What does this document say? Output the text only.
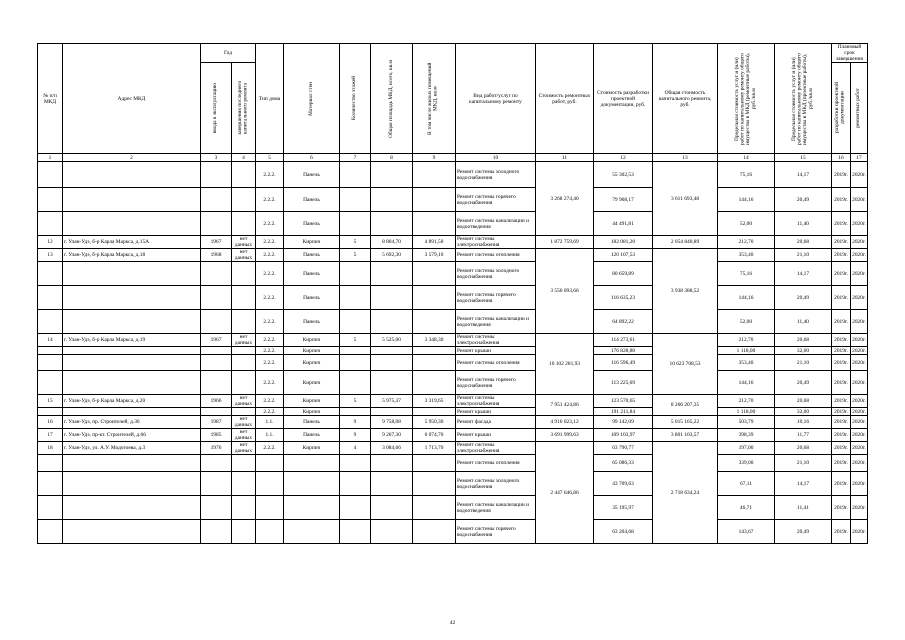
№ п/п МКД	Адрес МКД	Год		Тип дома	Материал стен	Количество этажей	Общая площадь МКД, всего, кв.м	В том числе жилых помещений МКД, кв.м	Вид работ/услуг по капитальному ремонту	Стоимость ремонтных работ, руб.	Стоимость разработки проектной документации, руб.	Общая стоимость капитального ремонта, руб.	Предельная стоимость услуг и (или) работ по капитальному ремонту общего имущества в МКД (ремонтные работы), руб./кв.м	Предельная стоимость услуг и (или) работ по капитальному ремонту общего имущества в МКД (проектные работы), руб./кв.м	Плановый срок завершения	

		ввода в эксплуатацию	завершения последнего капитального ремонта												разработки проектной документации	ремонтных работ

1	2	3	4	5	6	7	8	9	10	11	12	13	14	15	16	17
				2.2.2.	Панель				Ремонт системы холодного водоснабжения	3 268 274,40	55 302,53	3 611 693,48	75,16	14,17	2019г.	2020г.
				2.2.2.	Панель				Ремонт системы горячего водоснабжения		79 968,17		144,16	20,49	2019г.	2020г.
				2.2.2.	Панель				Ремонт системы канализации и водоотведения		44 491,81		52,00	11,40	2019г.	2020г.
12	г. Улан-Удэ, б-р Карла Маркса, д.15А	1967	нет данных	2.2.2.	Кирпич	5	8 804,70	4 891,50	Ремонт системы электроснабжения	1 872 759,69	182 081,20	2 054 840,89	212,70	20,68	2019г.	2020г.
13	г. Улан-Удэ, б-р Карла Маркса, д.18	1968	нет данных	2.2.2.	Панель	5	5 692,30	3 579,10	Ремонт системы отопления	3 556 093,66	120 107,53	3 938 388,52	353,40	21,10	2019г.	2020г.
				2.2.2.	Панель				Ремонт системы холодного водоснабжения		80 659,89		75,16	14,17	2019г.	2020г.
				2.2.2.	Панель				Ремонт системы горячего водоснабжения		116 635,23		144,16	20,49	2019г.	2020г.
				2.2.2.	Панель				Ремонт системы канализации и водоотведения		64 892,22		52,00	11,40	2019г.	2020г.
14	г. Улан-Удэ, б-р Карла Маркса, д.19	1967	нет данных	2.2.2.	Кирпич	5	5 525,00	3 348,30	Ремонт системы электроснабжения	10 102 281,93	114 273,61	10 623 708,53	212,70	20,68	2019г.	2020г.
				2.2.2.	Кирпич				Ремонт крыши		176 828,80		1 118,00	32,00	2019г.	2020г.
				2.2.2.	Кирпич				Ремонт системы отопления		116 596,49		353,40	21,10	2019г.	2020г.
				2.2.2.	Кирпич				Ремонт системы горячего водоснабжения		113 225,69		144,16	20,49	2019г.	2020г.
15	г. Улан-Удэ, б-р Карла Маркса, д.20	1966	нет данных	2.2.2.	Кирпич	5	5 975,37	3 319,65	Ремонт системы электроснабжения	7 951 424,86	123 570,65	8 266 207,35	212,70	20,68	2019г.	2020г.
				2.2.2.	Кирпич				Ремонт крыши		191 211,84		1 118,00	32,00	2019г.	2020г.
16	г. Улан-Удэ, пр. Строителей, д.36	1987	нет данных	1.1.	Панель	9	9 758,08	5 950,30	Ремонт фасада	4 916 023,12	99 142,09	5 015 165,22	503,79	10,16	2019г.	2020г.
17	г. Улан-Удэ, пр-кт. Строителей, д.66	1985	нет данных	1.1.	Панель	9	9 267,30	6 074,70	Ремонт крыши	3 691 999,63	109 103,97	3 801 103,57	398,39	11,77	2019г.	2020г.
18	г. Улан-Удэ, ул. А.У. Модогоева, д.3	1976	нет данных	2.2.2.	Кирпич	4	3 084,66	1 713,70	Ремонт системы электроснабжения	2 447 646,86	63 790,77	2 718 634,24	197,00	20,68	2019г.	2020г.
									Ремонт системы отопления		65 086,33		339,00	21,10	2019г.	2020г.
									Ремонт системы холодного водоснабжения		43 709,63		67,11	14,17	2019г.	2020г.
									Ремонт системы канализации и водоотведения		35 195,97		46,71	11,41	2019г.	2020г.
									Ремонт системы горячего водоснабжения		63 204,68		143,67	20,49	2019г.	2020г.
42
